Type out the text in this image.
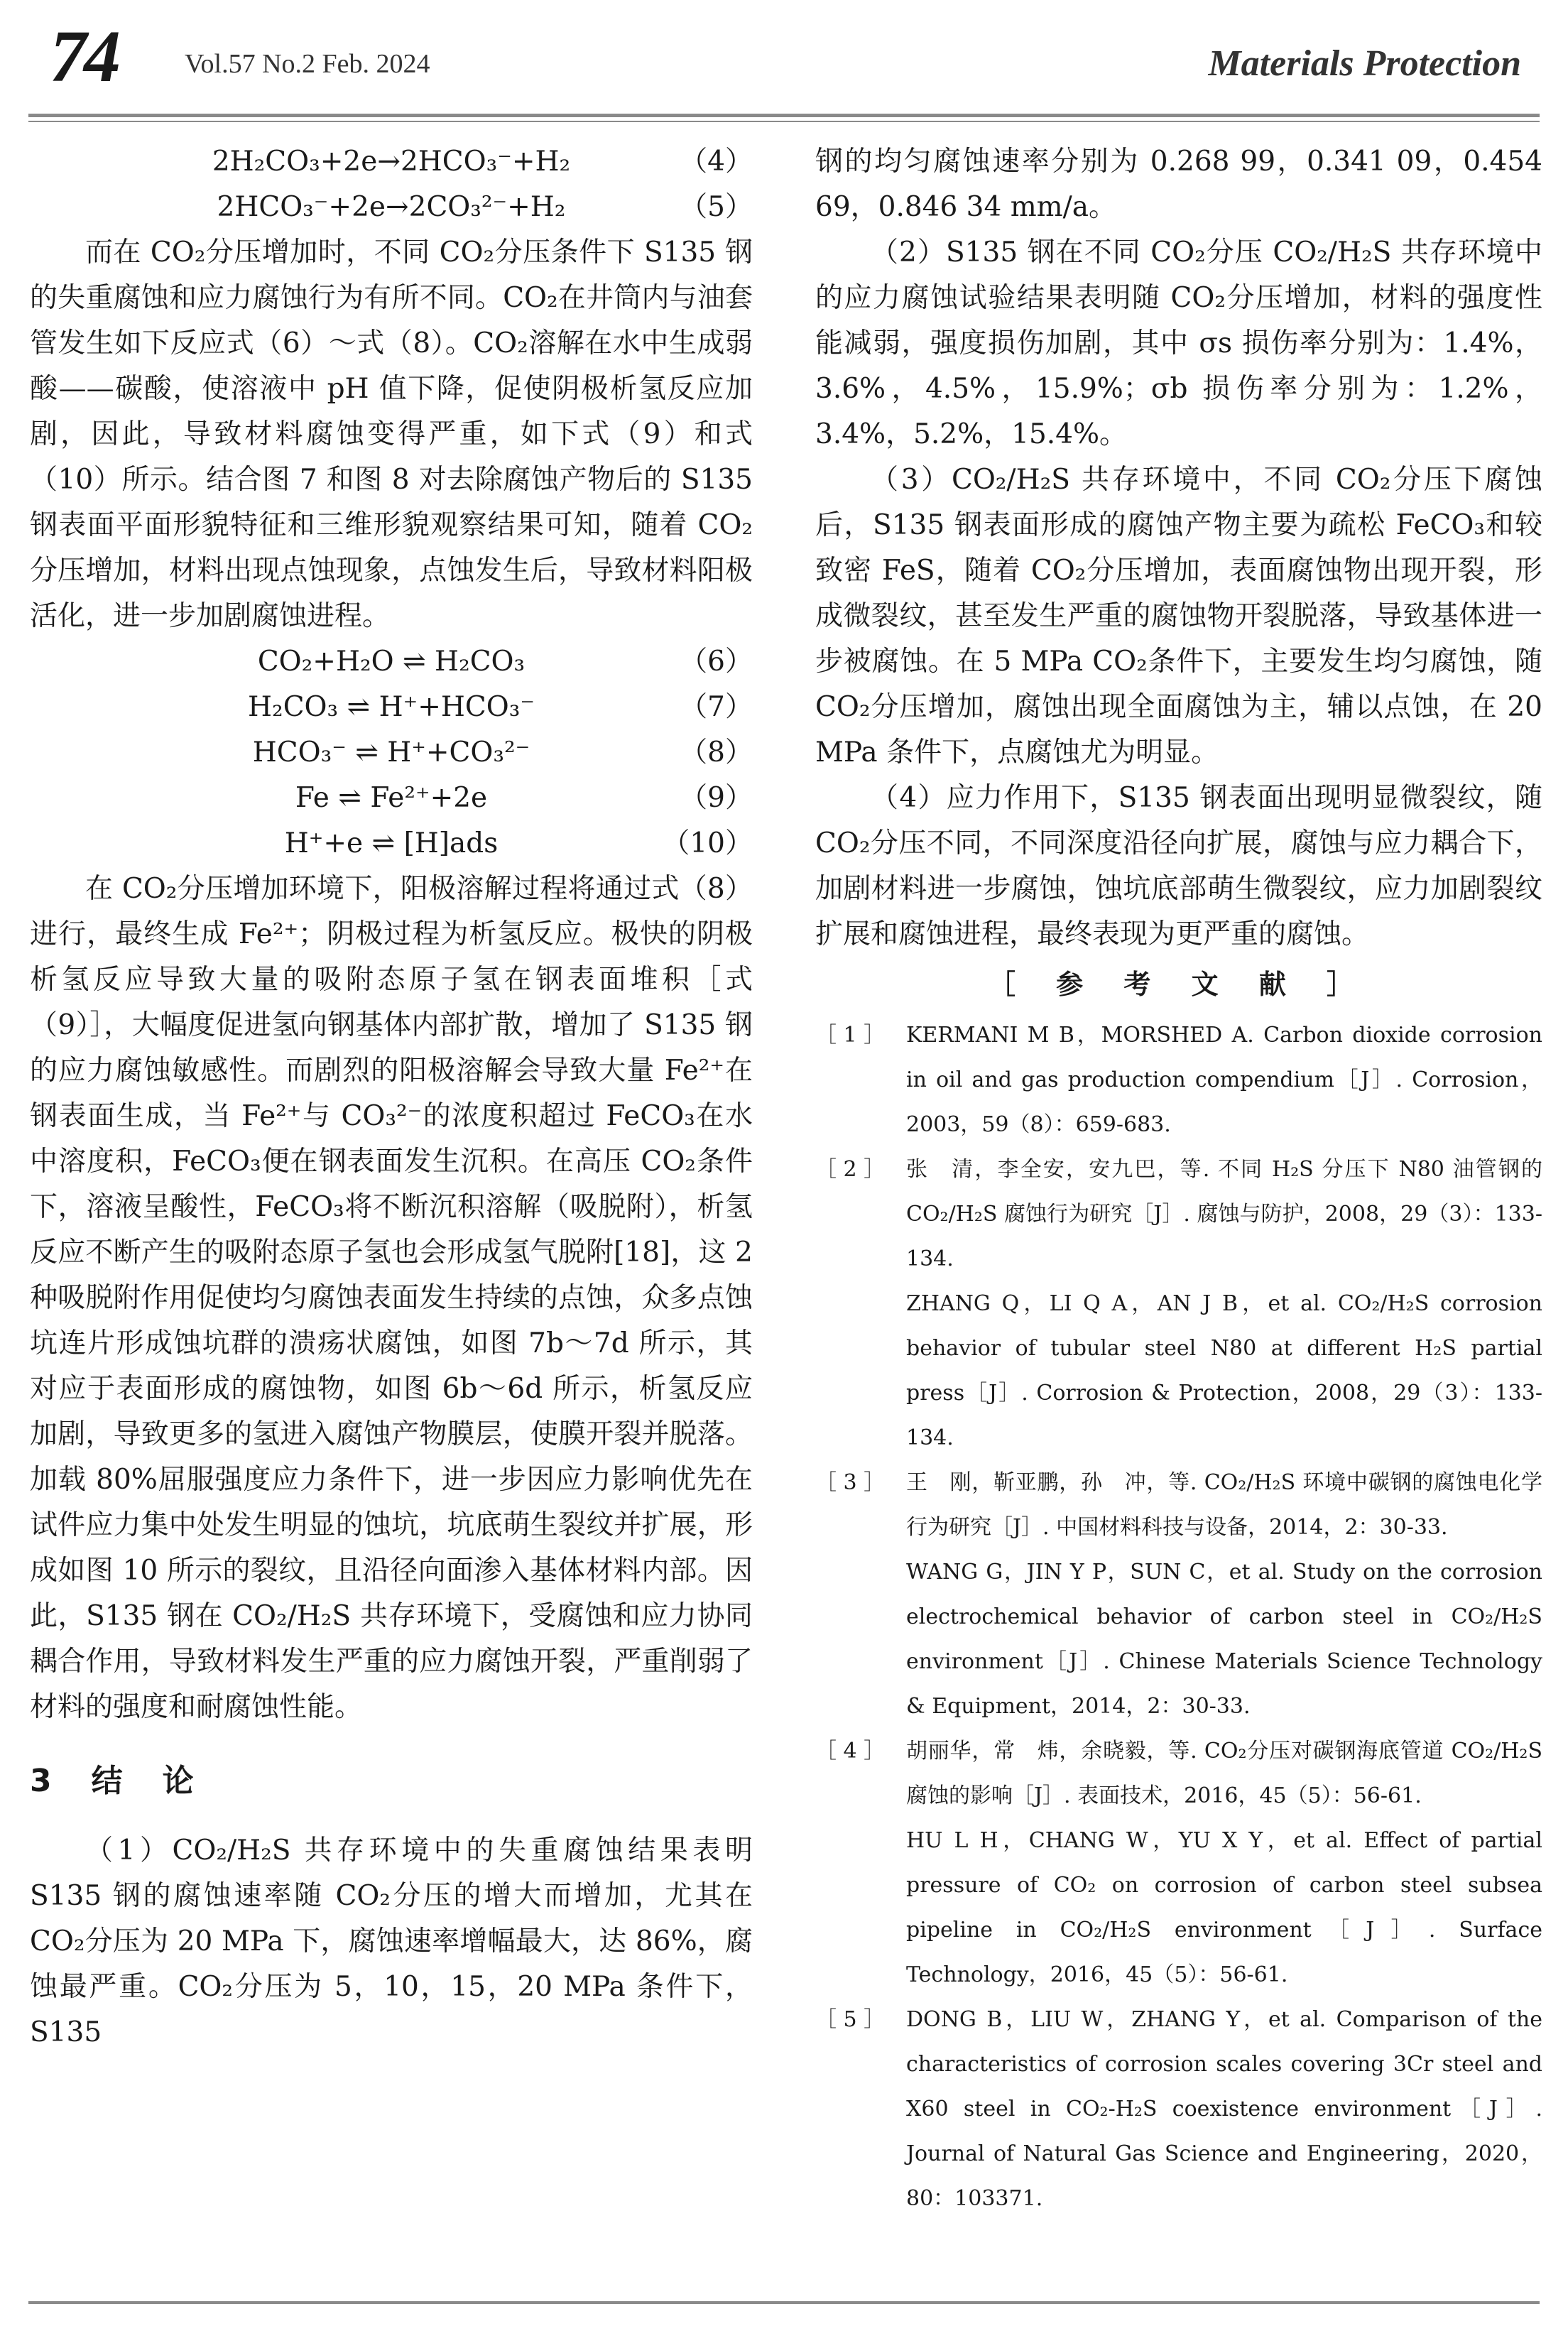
74 Vol.57 No.2 Feb. 2024	Materials Protection
2H₂CO₃+2e→2HCO₃⁻+H₂	（4）
2HCO₃⁻+2e→2CO₃²⁻+H₂	（5）

而在 CO₂分压增加时，不同 CO₂分压条件下 S135 钢的失重腐蚀和应力腐蚀行为有所不同。CO₂在井筒内与油套管发生如下反应式（6）～式（8）。CO₂溶解在水中生成弱酸——碳酸，使溶液中 pH 值下降，促使阴极析氢反应加剧，因此，导致材料腐蚀变得严重，如下式（9）和式（10）所示。结合图 7 和图 8 对去除腐蚀产物后的 S135 钢表面平面形貌特征和三维形貌观察结果可知，随着 CO₂分压增加，材料出现点蚀现象，点蚀发生后，导致材料阳极活化，进一步加剧腐蚀进程。

CO₂+H₂O ⇌ H₂CO₃	（6）
H₂CO₃ ⇌ H⁺+HCO₃⁻	（7）
HCO₃⁻ ⇌ H⁺+CO₃²⁻	（8）
Fe ⇌ Fe²⁺+2e	（9）
H⁺+e ⇌ [H]ads	（10）

在 CO₂分压增加环境下，阳极溶解过程将通过式（8）进行，最终生成 Fe²⁺；阴极过程为析氢反应。极快的阴极析氢反应导致大量的吸附态原子氢在钢表面堆积［式（9）］，大幅度促进氢向钢基体内部扩散，增加了 S135 钢的应力腐蚀敏感性。而剧烈的阳极溶解会导致大量 Fe²⁺在钢表面生成，当 Fe²⁺与 CO₃²⁻的浓度积超过 FeCO₃在水中溶度积，FeCO₃便在钢表面发生沉积。在高压 CO₂条件下，溶液呈酸性，FeCO₃将不断沉积溶解（吸脱附），析氢反应不断产生的吸附态原子氢也会形成氢气脱附[18]，这 2 种吸脱附作用促使均匀腐蚀表面发生持续的点蚀，众多点蚀坑连片形成蚀坑群的溃疡状腐蚀，如图 7b～7d 所示，其对应于表面形成的腐蚀物，如图 6b～6d 所示，析氢反应加剧，导致更多的氢进入腐蚀产物膜层，使膜开裂并脱落。加载 80%屈服强度应力条件下，进一步因应力影响优先在试件应力集中处发生明显的蚀坑，坑底萌生裂纹并扩展，形成如图 10 所示的裂纹，且沿径向面渗入基体材料内部。因此，S135 钢在 CO₂/H₂S 共存环境下，受腐蚀和应力协同耦合作用，导致材料发生严重的应力腐蚀开裂，严重削弱了材料的强度和耐腐蚀性能。

3　结　论

（1）CO₂/H₂S 共存环境中的失重腐蚀结果表明 S135 钢的腐蚀速率随 CO₂分压的增大而增加，尤其在 CO₂分压为 20 MPa 下，腐蚀速率增幅最大，达 86%，腐蚀最严重。CO₂分压为 5，10，15，20 MPa 条件下，S135

钢的均匀腐蚀速率分别为 0.268 99，0.341 09，0.454 69，0.846 34 mm/a。

（2）S135 钢在不同 CO₂分压 CO₂/H₂S 共存环境中的应力腐蚀试验结果表明随 CO₂分压增加，材料的强度性能减弱，强度损伤加剧，其中 σs 损伤率分别为：1.4%，3.6%，4.5%，15.9%；σb 损伤率分别为：1.2%，3.4%，5.2%，15.4%。

（3）CO₂/H₂S 共存环境中，不同 CO₂分压下腐蚀后，S135 钢表面形成的腐蚀产物主要为疏松 FeCO₃和较致密 FeS，随着 CO₂分压增加，表面腐蚀物出现开裂，形成微裂纹，甚至发生严重的腐蚀物开裂脱落，导致基体进一步被腐蚀。在 5 MPa CO₂条件下，主要发生均匀腐蚀，随 CO₂分压增加，腐蚀出现全面腐蚀为主，辅以点蚀，在 20 MPa 条件下，点腐蚀尤为明显。

（4）应力作用下，S135 钢表面出现明显微裂纹，随 CO₂分压不同，不同深度沿径向扩展，腐蚀与应力耦合下，加剧材料进一步腐蚀，蚀坑底部萌生微裂纹，应力加剧裂纹扩展和腐蚀进程，最终表现为更严重的腐蚀。

［ 参 考 文 献 ］
［ 1 ］ KERMANI M B，MORSHED A. Carbon dioxide corrosion in oil and gas production compendium［J］. Corrosion，2003，59（8）：659-683.
［ 2 ］ 张　清，李全安，安九巴，等. 不同 H₂S 分压下 N80 油管钢的 CO₂/H₂S 腐蚀行为研究［J］. 腐蚀与防护，2008，29（3）：133-134.
ZHANG Q，LI Q A，AN J B，et al. CO₂/H₂S corrosion behavior of tubular steel N80 at different H₂S partial press［J］. Corrosion & Protection，2008，29（3）：133-134.
［ 3 ］ 王　刚，靳亚鹏，孙　冲，等. CO₂/H₂S 环境中碳钢的腐蚀电化学行为研究［J］. 中国材料科技与设备，2014，2：30-33.
WANG G，JIN Y P，SUN C，et al. Study on the corrosion electrochemical behavior of carbon steel in CO₂/H₂S environment［J］. Chinese Materials Science Technology & Equipment，2014，2：30-33.
［ 4 ］ 胡丽华，常　炜，余晓毅，等. CO₂分压对碳钢海底管道 CO₂/H₂S 腐蚀的影响［J］. 表面技术，2016，45（5）：56-61.
HU L H，CHANG W，YU X Y，et al. Effect of partial pressure of CO₂ on corrosion of carbon steel subsea pipeline in CO₂/H₂S environment［J］. Surface Technology，2016，45（5）：56-61.
［ 5 ］ DONG B，LIU W，ZHANG Y，et al. Comparison of the characteristics of corrosion scales covering 3Cr steel and X60 steel in CO₂-H₂S coexistence environment［J］. Journal of Natural Gas Science and Engineering，2020，80：103371.
